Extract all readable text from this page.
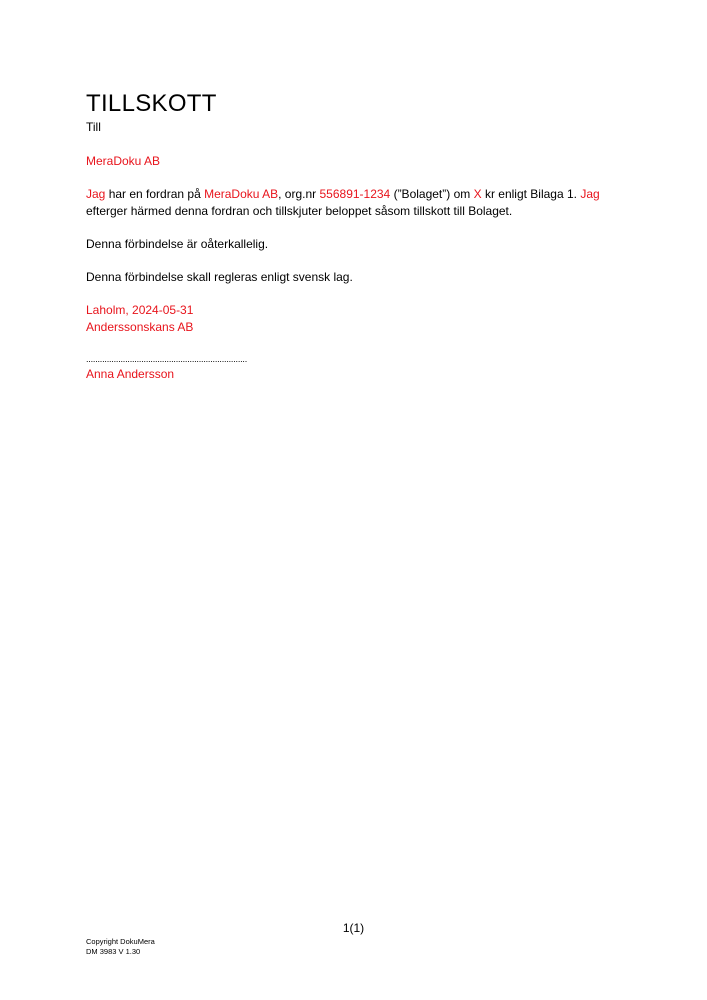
TILLSKOTT

Till

MeraDoku AB

Jag har en fordran på MeraDoku AB, org.nr 556891-1234 (”Bolaget”) om X kr enligt Bilaga 1. Jag
efterger härmed denna fordran och tillskjuter beloppet såsom tillskott till Bolaget.

Denna förbindelse är oåterkallelig.

Denna förbindelse skall regleras enligt svensk lag.

Laholm, 2024-05-31

Anderssonskans AB

......................................................................

Anna Andersson

1(1)
Copyright DokuMera
DM 3983 V 1.30
